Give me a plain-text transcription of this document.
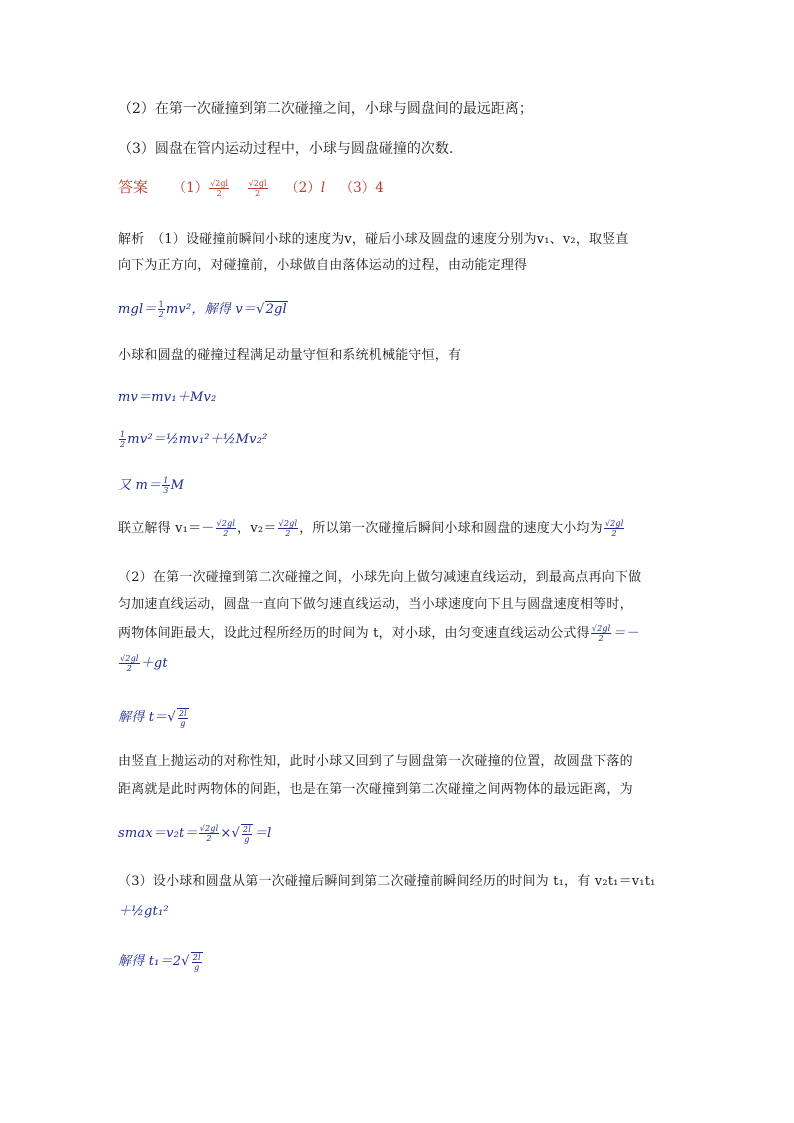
（2）在第一次碰撞到第二次碰撞之间，小球与圆盘间的最远距离；
（3）圆盘在管内运动过程中，小球与圆盘碰撞的次数.
答案 $(1) \frac{√2gl}{2}$
$\frac{√2gl}{2} (2)l$ （3）4
解析　（1）设碰撞前瞬间小球的速度为v，碰后小球及圆盘的速度分别为v₁、v₂，取竖直
向下为正方向，对碰撞前，小球做自由落体运动的过程，由动能定理得
$mgl= \frac{1}{2} mv^2$，解得 v＝√2gl
小球和圆盘的碰撞过程满足动量守恒和系统机械能守恒，有
mv＝mv₁＋Mv₂
$\frac{1}{2}$ mv²＝½mv₁²＋½Mv₂²
又 $m= \frac{1}{3}$ M
联立解得 $v_1=- \frac{√2gl}{2}$ ，$v_2= \frac{√2gl}{2}$ ，所以第一次碰撞后瞬间小球和圆盘的速度大小均为 $\frac{√2gl}{2}$
（2）在第一次碰撞到第二次碰撞之间，小球先向上做匀减速直线运动，到最高点再向下做
匀加速直线运动，圆盘一直向下做匀速直线运动，当小球速度向下且与圆盘速度相等时，
两物体间距最大，设此过程所经历的时间为 t，对小球，由匀变速直线运动公式得 $\frac{√2gl}{2}$ ＝－
$\frac{√2gl}{2} +gt$
解得 $t=√ \frac{2l}{g}$
由竖直上抛运动的对称性知，此时小球又回到了与圆盘第一次碰撞的位置，故圆盘下落的
距离就是此时两物体的间距，也是在第一次碰撞到第二次碰撞之间两物体的最远距离，为
$smax=v_2t= \frac{√2gl}{2}$ ×√ $\frac{2l}{g} =l$
（3）设小球和圆盘从第一次碰撞后瞬间到第二次碰撞前瞬间经历的时间为 t₁，有 v₂t₁＝v₁t₁
＋½gt₁²
解得 $t_1=2√ \frac{2l}{g}$
